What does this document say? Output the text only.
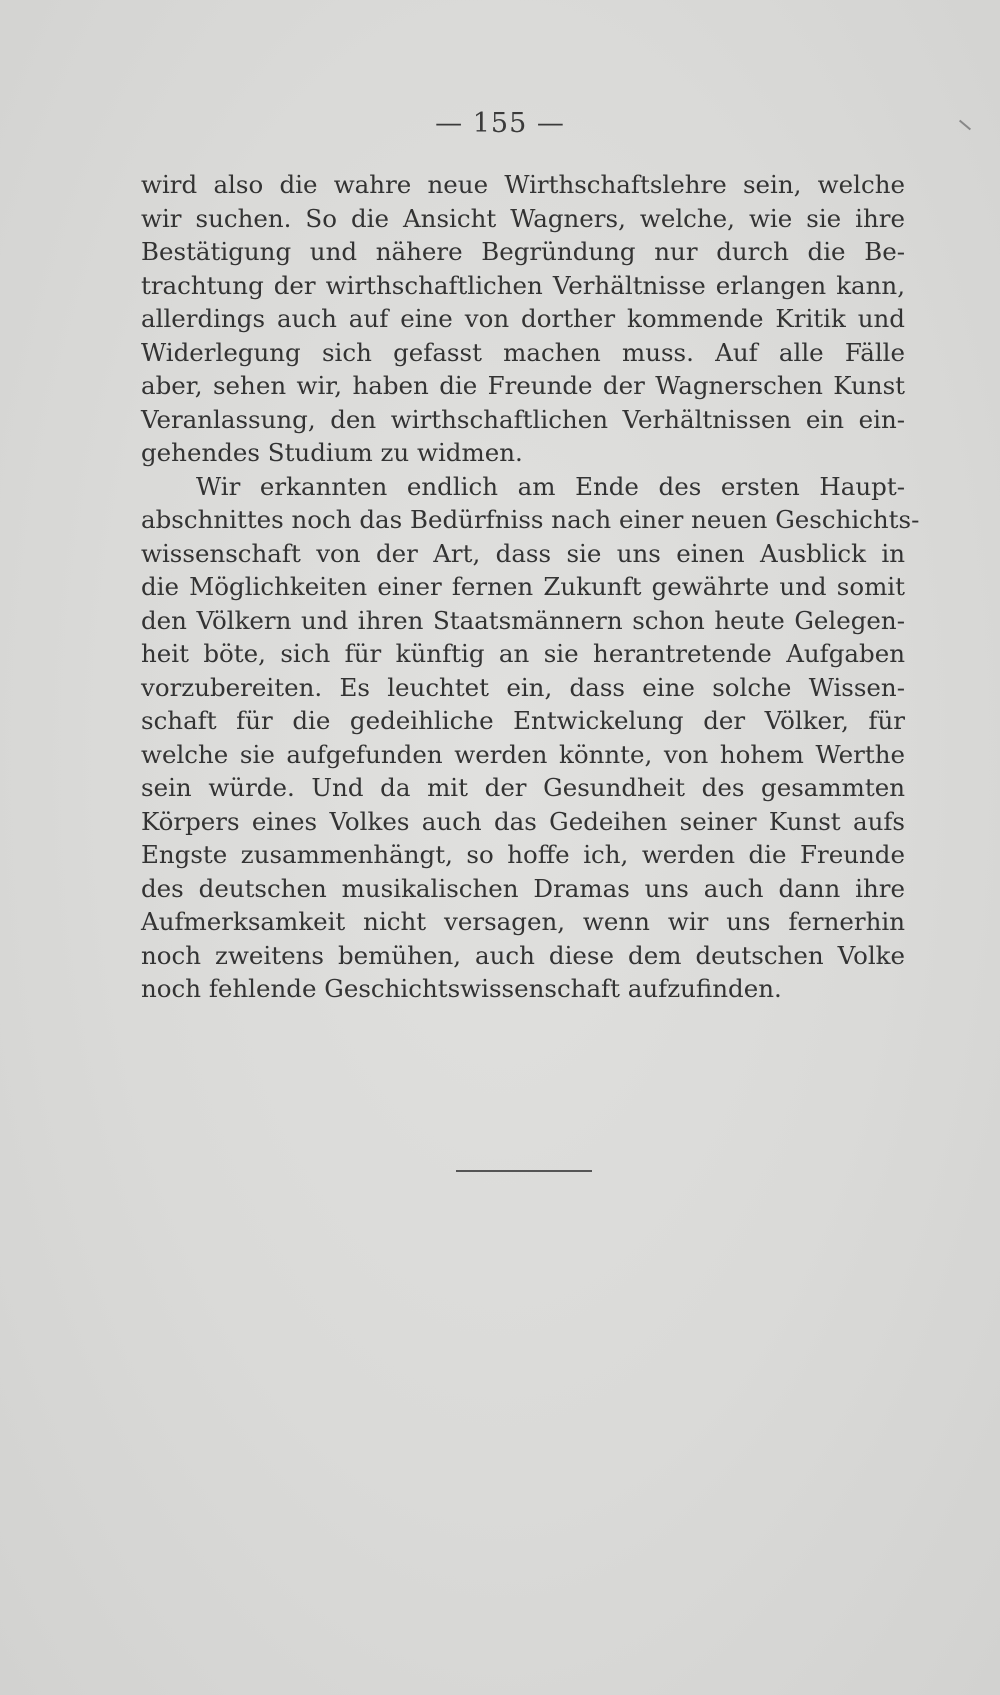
— 155 —
wird also die wahre neue Wirthschaftslehre sein, welche
wir suchen. So die Ansicht Wagners, welche, wie sie ihre
Bestätigung und nähere Begründung nur durch die Be-
trachtung der wirthschaftlichen Verhältnisse erlangen kann,
allerdings auch auf eine von dorther kommende Kritik und
Widerlegung sich gefasst machen muss. Auf alle Fälle
aber, sehen wir, haben die Freunde der Wagnerschen Kunst
Veranlassung, den wirthschaftlichen Verhältnissen ein ein-
gehendes Studium zu widmen.
Wir erkannten endlich am Ende des ersten Haupt-
abschnittes noch das Bedürfniss nach einer neuen Geschichts-
wissenschaft von der Art, dass sie uns einen Ausblick in
die Möglichkeiten einer fernen Zukunft gewährte und somit
den Völkern und ihren Staatsmännern schon heute Gelegen-
heit böte, sich für künftig an sie herantretende Aufgaben
vorzubereiten. Es leuchtet ein, dass eine solche Wissen-
schaft für die gedeihliche Entwickelung der Völker, für
welche sie aufgefunden werden könnte, von hohem Werthe
sein würde. Und da mit der Gesundheit des gesammten
Körpers eines Volkes auch das Gedeihen seiner Kunst aufs
Engste zusammenhängt, so hoffe ich, werden die Freunde
des deutschen musikalischen Dramas uns auch dann ihre
Aufmerksamkeit nicht versagen, wenn wir uns fernerhin
noch zweitens bemühen, auch diese dem deutschen Volke
noch fehlende Geschichtswissenschaft aufzufinden.
